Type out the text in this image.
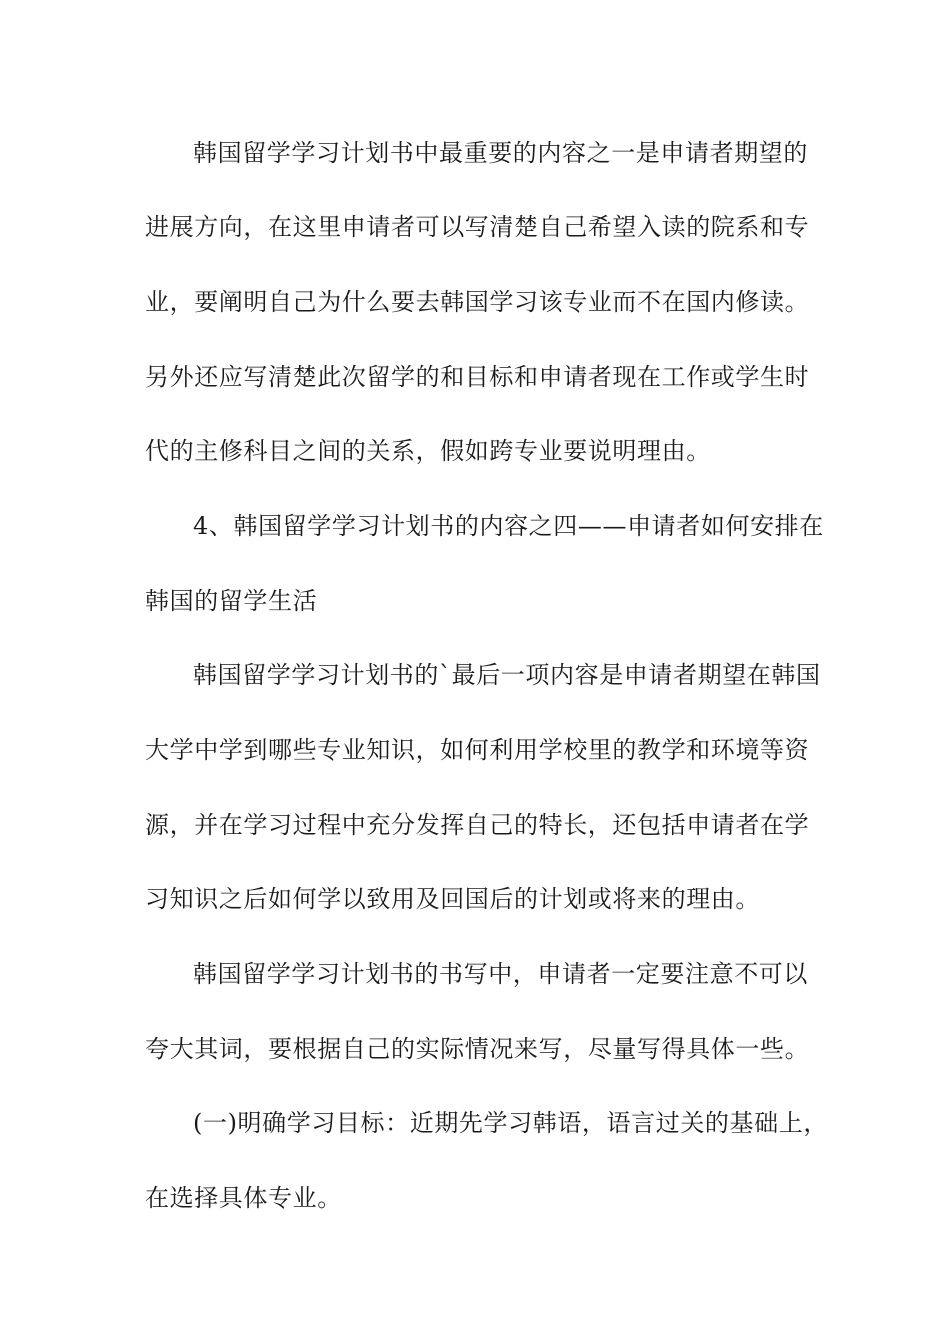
韩国留学学习计划书中最重要的内容之一是申请者期望的
进展方向，在这里申请者可以写清楚自己希望入读的院系和专
业，要阐明自己为什么要去韩国学习该专业而不在国内修读。
另外还应写清楚此次留学的和目标和申请者现在工作或学生时
代的主修科目之间的关系，假如跨专业要说明理由。
4、韩国留学学习计划书的内容之四——申请者如何安排在
韩国的留学生活
韩国留学学习计划书的`最后一项内容是申请者期望在韩国
大学中学到哪些专业知识，如何利用学校里的教学和环境等资
源，并在学习过程中充分发挥自己的特长，还包括申请者在学
习知识之后如何学以致用及回国后的计划或将来的理由。
韩国留学学习计划书的书写中，申请者一定要注意不可以
夸大其词，要根据自己的实际情况来写，尽量写得具体一些。
(一)明确学习目标：近期先学习韩语，语言过关的基础上，
在选择具体专业。
